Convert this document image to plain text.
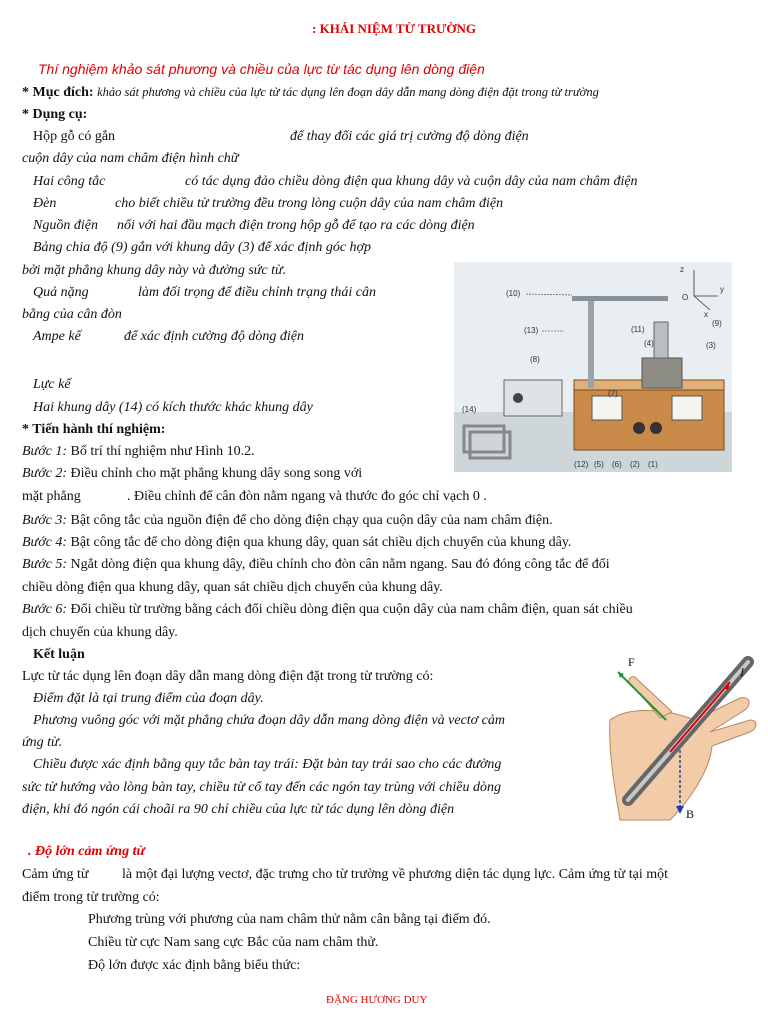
: KHÁI NIỆM TỪ TRƯỜNG
Thí nghiệm khảo sát phương và chiều của lực từ tác dụng lên dòng điện
* Mục đích: khảo sát phương và chiều của lực từ tác dụng lên đoạn dây dẫn mang dòng điện đặt trong từ trường
* Dụng cụ:
Hộp gỗ có gắn	để thay đổi các giá trị cường độ dòng điện
cuộn dây của nam châm điện hình chữ
Hai công tắc	có tác dụng đảo chiều dòng điện qua khung dây và cuộn dây của nam châm điện
Đèn	cho biết chiều từ trường đều trong lòng cuộn dây của nam châm điện
Nguồn điện nối với hai đầu mạch điện trong hộp gỗ để tạo ra các dòng điện
Bảng chia độ (9) gắn với khung dây (3) để xác định góc hợp
bởi mặt phẳng khung dây này và đường sức từ.
Quả nặng	làm đối trọng để điều chỉnh trạng thái cân
bằng của cân đòn
Ampe kế	để xác định cường độ dòng điện
Lực kế
Hai khung dây (14) có kích thước khác khung dây
(10)
(13)
(8)
(14)
(11)
(4)	(3)
(9)
(7)
(12) (5) (6) (2) (1)
z
O
x
y
* Tiến hành thí nghiệm:
Bước 1: Bố trí thí nghiệm như Hình 10.2.
Bước 2: Điều chỉnh cho mặt phẳng khung dây song song với
mặt phẳng	. Điều chỉnh để cân đòn nằm ngang và thước đo góc chỉ vạch 0 .
Bước 3: Bật công tắc của nguồn điện để cho dòng điện chạy qua cuộn dây của nam châm điện.
Bước 4: Bật công tắc để cho dòng điện qua khung dây, quan sát chiều dịch chuyển của khung dây.
Bước 5: Ngắt dòng điện qua khung dây, điều chỉnh cho đòn cân nằm ngang. Sau đó đóng công tắc để đổi
chiều dòng điện qua khung dây, quan sát chiều dịch chuyển của khung dây.
Bước 6: Đổi chiều từ trường bằng cách đổi chiều dòng điện qua cuộn dây của nam châm điện, quan sát chiều
dịch chuyển của khung dây.
Kết luận
Lực từ tác dụng lên đoạn dây dẫn mang dòng điện đặt trong từ trường có:
Điểm đặt là tại trung điểm của đoạn dây.
Phương vuông góc với mặt phẳng chứa đoạn dây dẫn mang dòng điện và vectơ cảm
ứng từ.
Chiều được xác định bằng quy tắc bàn tay trái: Đặt bàn tay trái sao cho các đường
sức từ hướng vào lòng bàn tay, chiều từ cổ tay đến các ngón tay trùng với chiều dòng
điện, khi đó ngón cái choãi ra 90 chỉ chiều của lực từ tác dụng lên dòng điện
F
I
B
. Độ lớn cảm ứng từ
Cảm ứng từ là một đại lượng vectơ, đặc trưng cho từ trường về phương diện tác dụng lực. Cảm ứng từ tại một
điểm trong từ trường có:
Phương trùng với phương của nam châm thử nằm cân bằng tại điểm đó.
Chiều từ cực Nam sang cực Bắc của nam châm thử.
Độ lớn được xác định bằng biểu thức:
ĐẶNG HƯƠNG DUY
